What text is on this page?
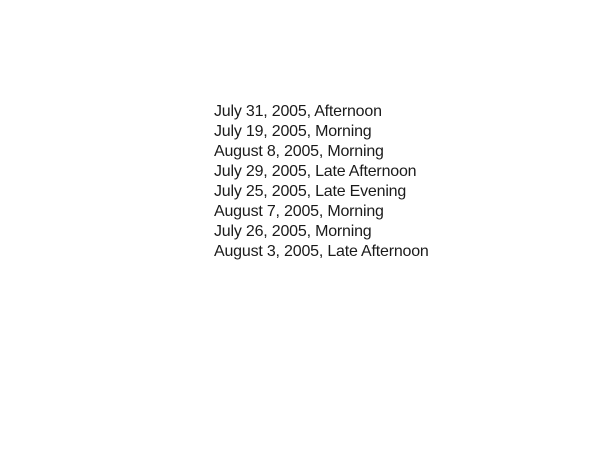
July 31, 2005, Afternoon
July 19, 2005, Morning
August 8, 2005, Morning
July 29, 2005, Late Afternoon
July 25, 2005, Late Evening
August 7, 2005, Morning
July 26, 2005, Morning
August 3, 2005, Late Afternoon
